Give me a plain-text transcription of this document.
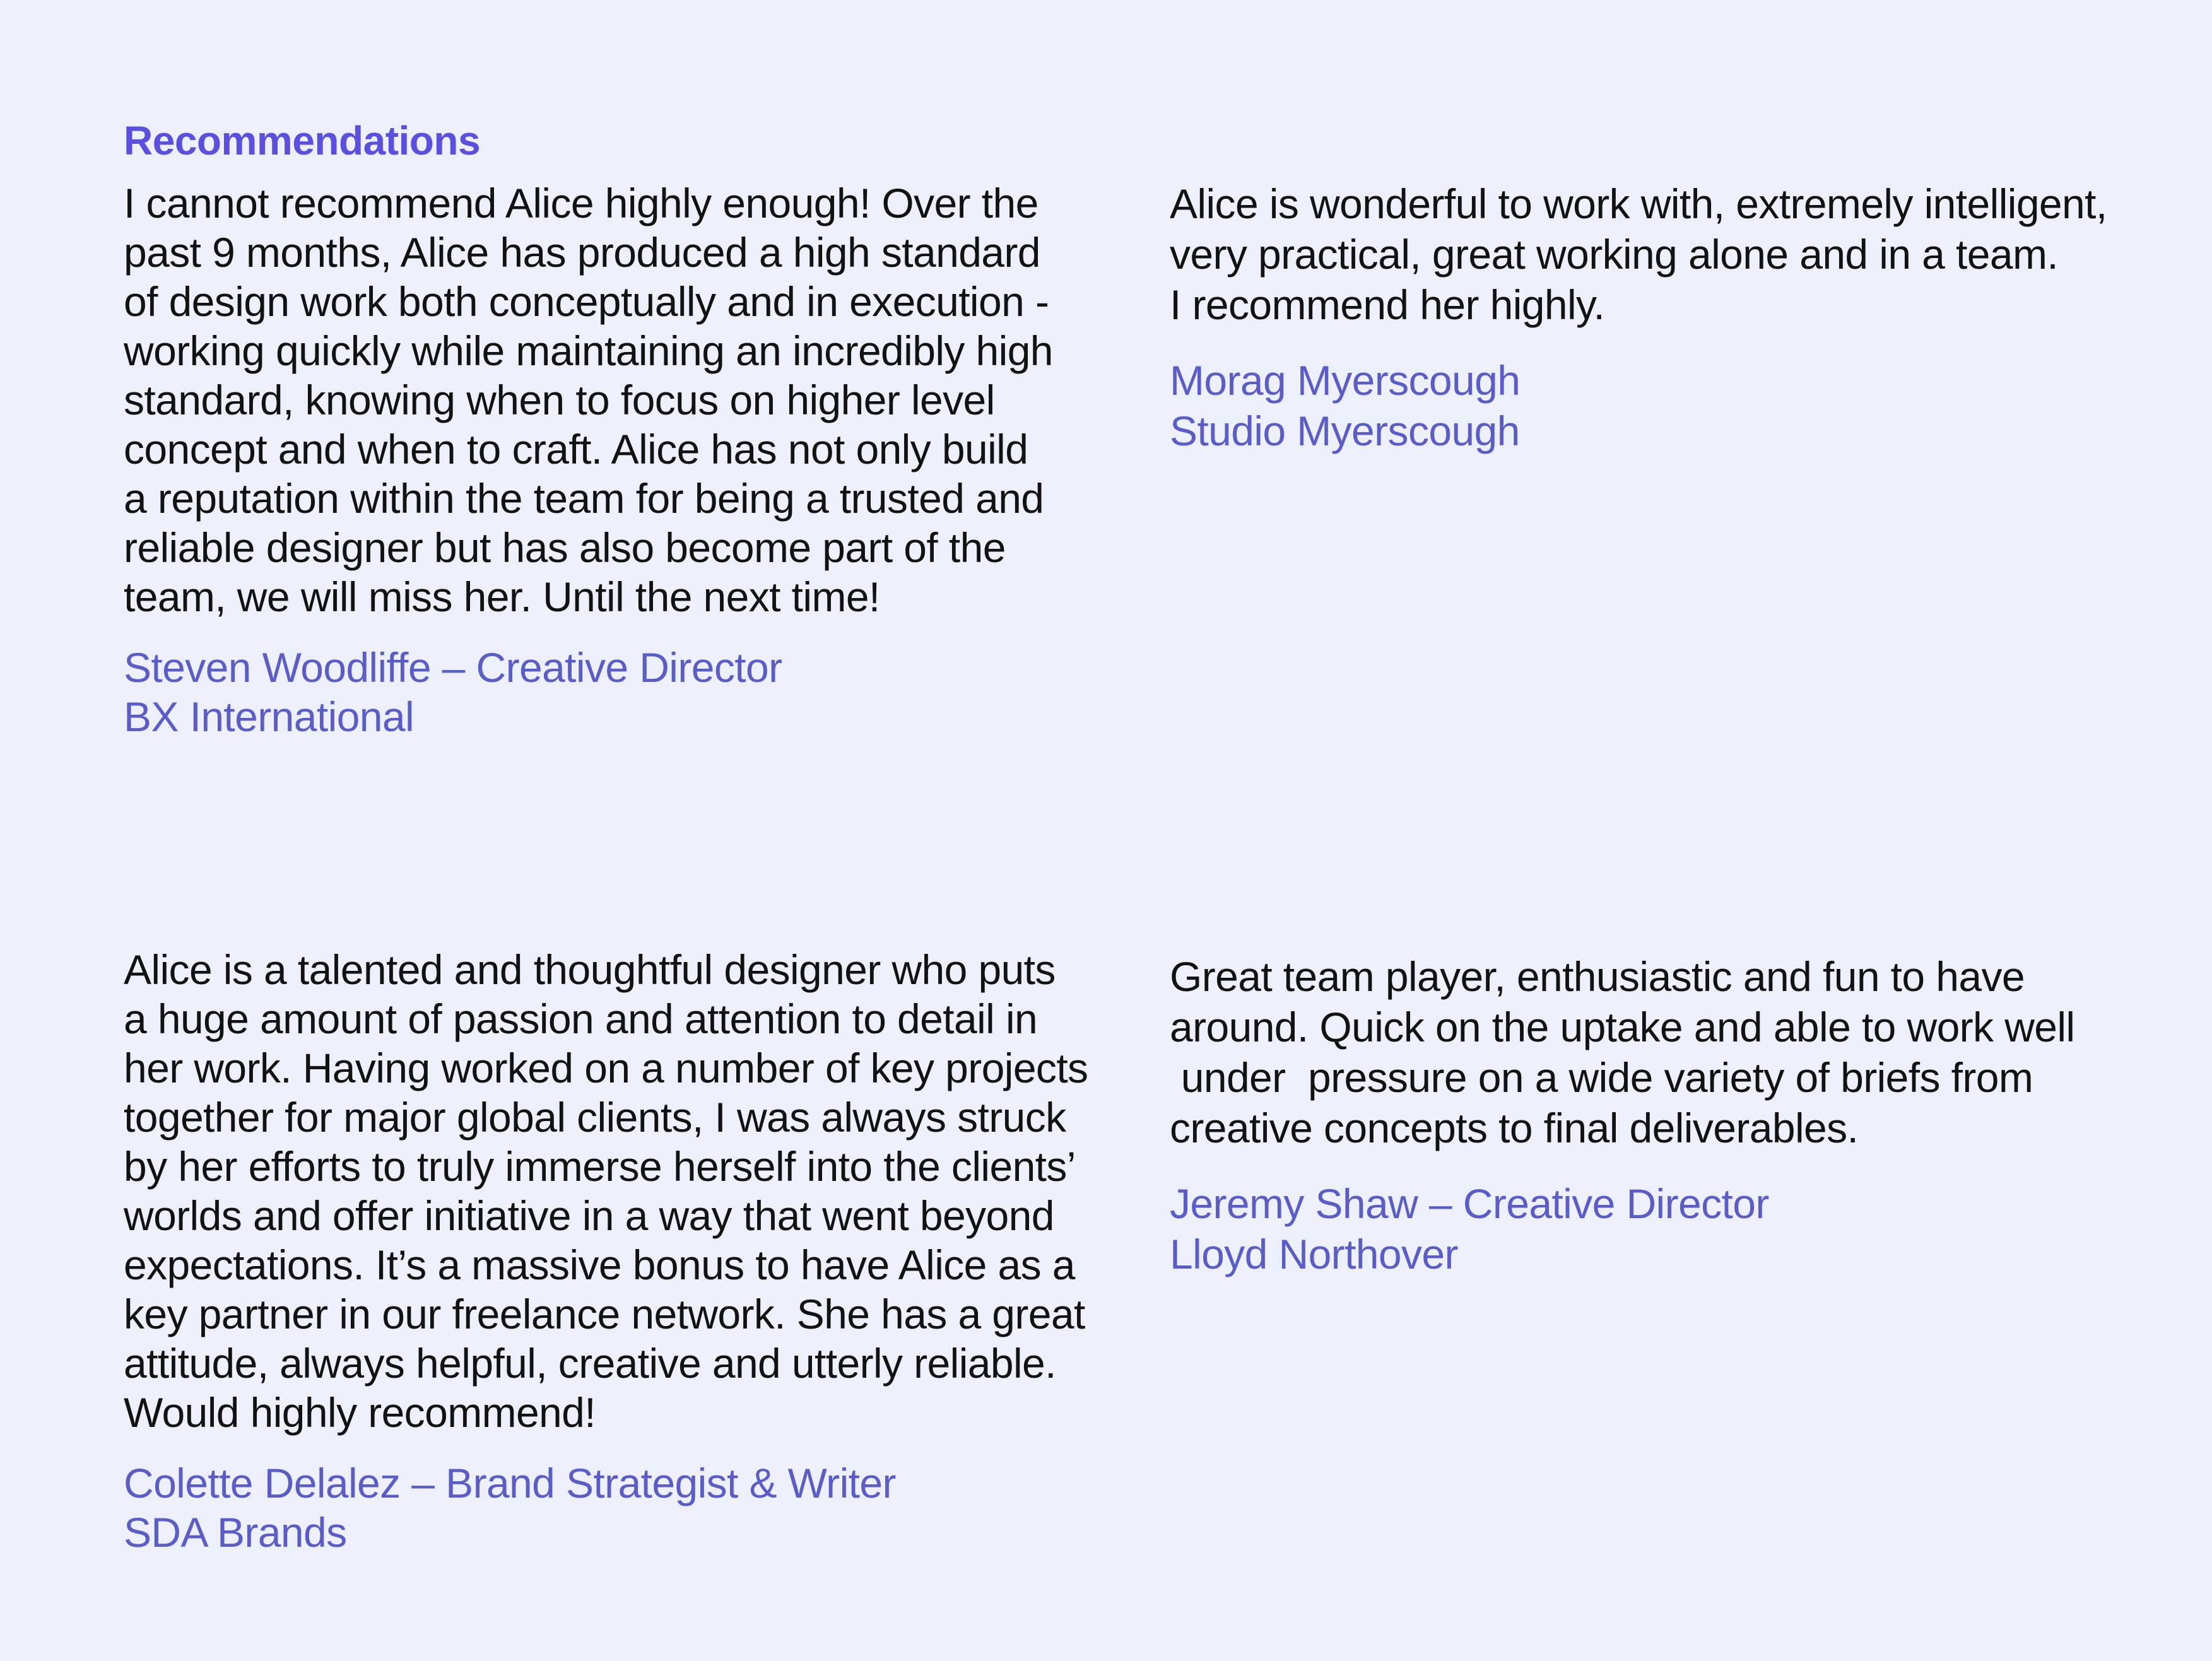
Recommendations

I cannot recommend Alice highly enough! Over the
past 9 months, Alice has produced a high standard
of design work both conceptually and in execution -
working quickly while maintaining an incredibly high
standard, knowing when to focus on higher level
concept and when to craft. Alice has not only build
a reputation within the team for being a trusted and
reliable designer but has also become part of the
team, we will miss her. Until the next time!

Steven Woodliffe – Creative Director
BX International

Alice is wonderful to work with, extremely intelligent,
very practical, great working alone and in a team.
I recommend her highly.

Morag Myerscough
Studio Myerscough

Alice is a talented and thoughtful designer who puts
a huge amount of passion and attention to detail in
her work. Having worked on a number of key projects
together for major global clients, I was always struck
by her efforts to truly immerse herself into the clients’
worlds and offer initiative in a way that went beyond
expectations. It’s a massive bonus to have Alice as a
key partner in our freelance network. She has a great
attitude, always helpful, creative and utterly reliable.
Would highly recommend!

Colette Delalez – Brand Strategist & Writer
SDA Brands

Great team player, enthusiastic and fun to have
around. Quick on the uptake and able to work well
under  pressure on a wide variety of briefs from
creative concepts to final deliverables.

Jeremy Shaw – Creative Director
Lloyd Northover
